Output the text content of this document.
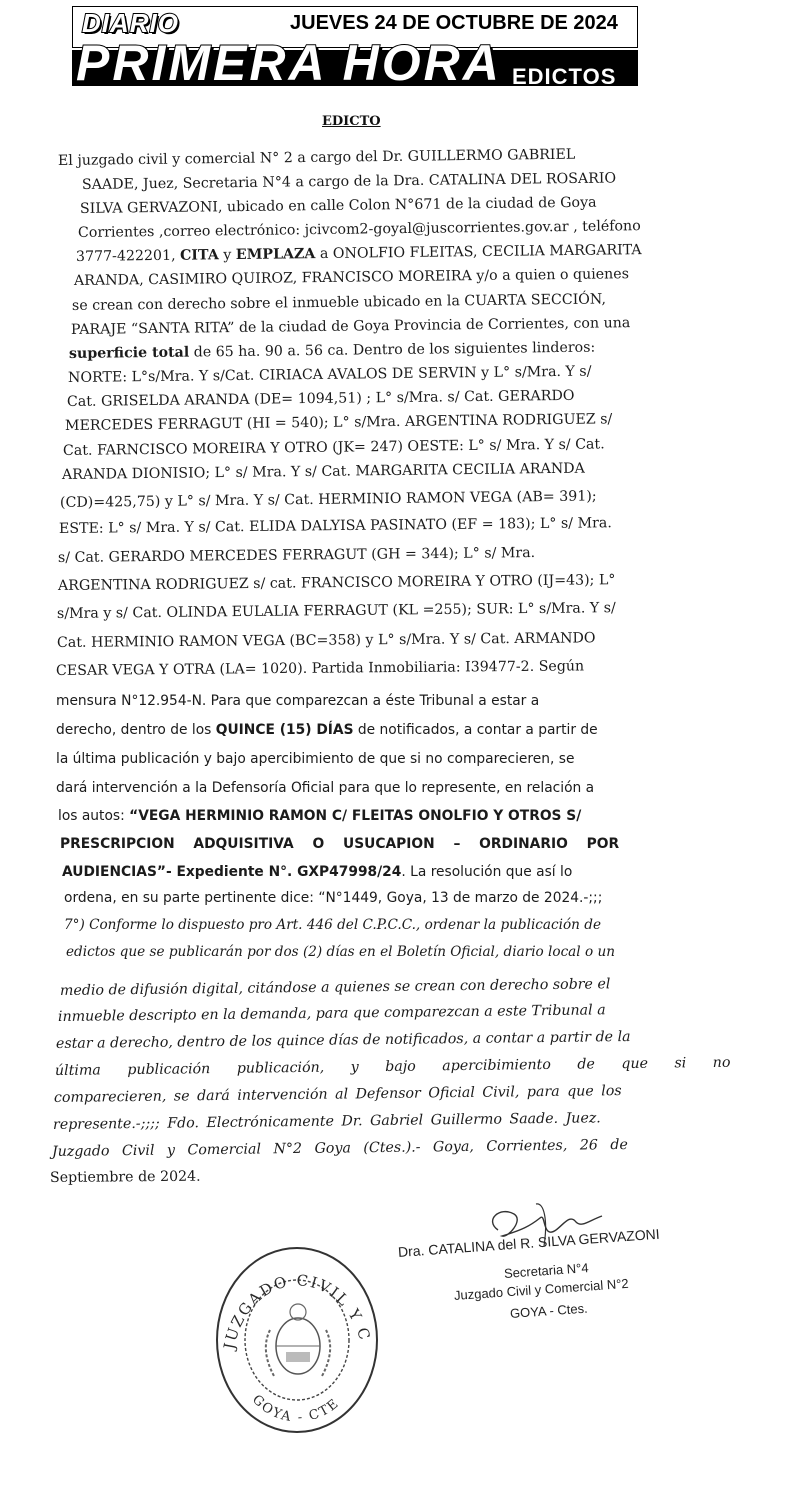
DIARIO	JUEVES 24 DE OCTUBRE DE 2024
PRIMERA HORA EDICTOS
EDICTO
El juzgado civil y comercial N° 2 a cargo del Dr. GUILLERMO GABRIEL
SAADE, Juez, Secretaria N°4 a cargo de la Dra. CATALINA DEL ROSARIO
SILVA GERVAZONI, ubicado en calle Colon N°671 de la ciudad de Goya
Corrientes ,correo electrónico: jcivcom2-goyal@juscorrientes.gov.ar , teléfono
3777-422201, CITA y EMPLAZA a ONOLFIO FLEITAS, CECILIA MARGARITA
ARANDA, CASIMIRO QUIROZ, FRANCISCO MOREIRA y/o a quien o quienes
se crean con derecho sobre el inmueble ubicado en la CUARTA SECCIÓN,
PARAJE “SANTA RITA” de la ciudad de Goya Provincia de Corrientes, con una
superficie total de 65 ha. 90 a. 56 ca. Dentro de los siguientes linderos:
NORTE: L°s/Mra. Y s/Cat. CIRIACA AVALOS DE SERVIN y L° s/Mra. Y s/
Cat. GRISELDA ARANDA (DE= 1094,51) ; L° s/Mra. s/ Cat. GERARDO
MERCEDES FERRAGUT (HI = 540); L° s/Mra. ARGENTINA RODRIGUEZ s/
Cat. FARNCISCO MOREIRA Y OTRO (JK= 247) OESTE: L° s/ Mra. Y s/ Cat.
ARANDA DIONISIO; L° s/ Mra. Y s/ Cat. MARGARITA CECILIA ARANDA
(CD)=425,75) y L° s/ Mra. Y s/ Cat. HERMINIO RAMON VEGA (AB= 391);
ESTE: L° s/ Mra. Y s/ Cat. ELIDA DALYISA PASINATO (EF = 183); L° s/ Mra.
s/ Cat. GERARDO MERCEDES FERRAGUT (GH = 344); L° s/ Mra.
ARGENTINA RODRIGUEZ s/ cat. FRANCISCO MOREIRA Y OTRO (IJ=43); L°
s/Mra y s/ Cat. OLINDA EULALIA FERRAGUT (KL =255); SUR: L° s/Mra. Y s/
Cat. HERMINIO RAMON VEGA (BC=358) y L° s/Mra. Y s/ Cat. ARMANDO
CESAR VEGA Y OTRA (LA= 1020). Partida Inmobiliaria: I39477-2. Según
mensura N°12.954-N. Para que comparezcan a éste Tribunal a estar a
derecho, dentro de los QUINCE (15) DÍAS de notificados, a contar a partir de
la última publicación y bajo apercibimiento de que si no comparecieren, se
dará intervención a la Defensoría Oficial para que lo represente, en relación a
los autos: “VEGA HERMINIO RAMON C/ FLEITAS ONOLFIO Y OTROS S/
PRESCRIPCION ADQUISITIVA O USUCAPION – ORDINARIO POR
AUDIENCIAS”- Expediente N°. GXP47998/24. La resolución que así lo
ordena, en su parte pertinente dice: “N°1449, Goya, 13 de marzo de 2024.-;;;
7°) Conforme lo dispuesto pro Art. 446 del C.P.C.C., ordenar la publicación de
edictos que se publicarán por dos (2) días en el Boletín Oficial, diario local o un
medio de difusión digital, citándose a quienes se crean con derecho sobre el
inmueble descripto en la demanda, para que comparezcan a este Tribunal a
estar a derecho, dentro de los quince días de notificados, a contar a partir de la
última publicación publicación, y bajo apercibimiento de que si no
comparecieren, se dará intervención al Defensor Oficial Civil, para que los
represente.-;;;; Fdo. Electrónicamente Dr. Gabriel Guillermo Saade. Juez.
Juzgado Civil y Comercial N°2 Goya (Ctes.).- Goya, Corrientes, 26 de
Septiembre de 2024.
JUZGADO CIVIL Y C
GOYA - CTE
Dra. CATALINA del R. SILVA GERVAZONI
Secretaria N°4
Juzgado Civil y Comercial N°2
GOYA - Ctes.
